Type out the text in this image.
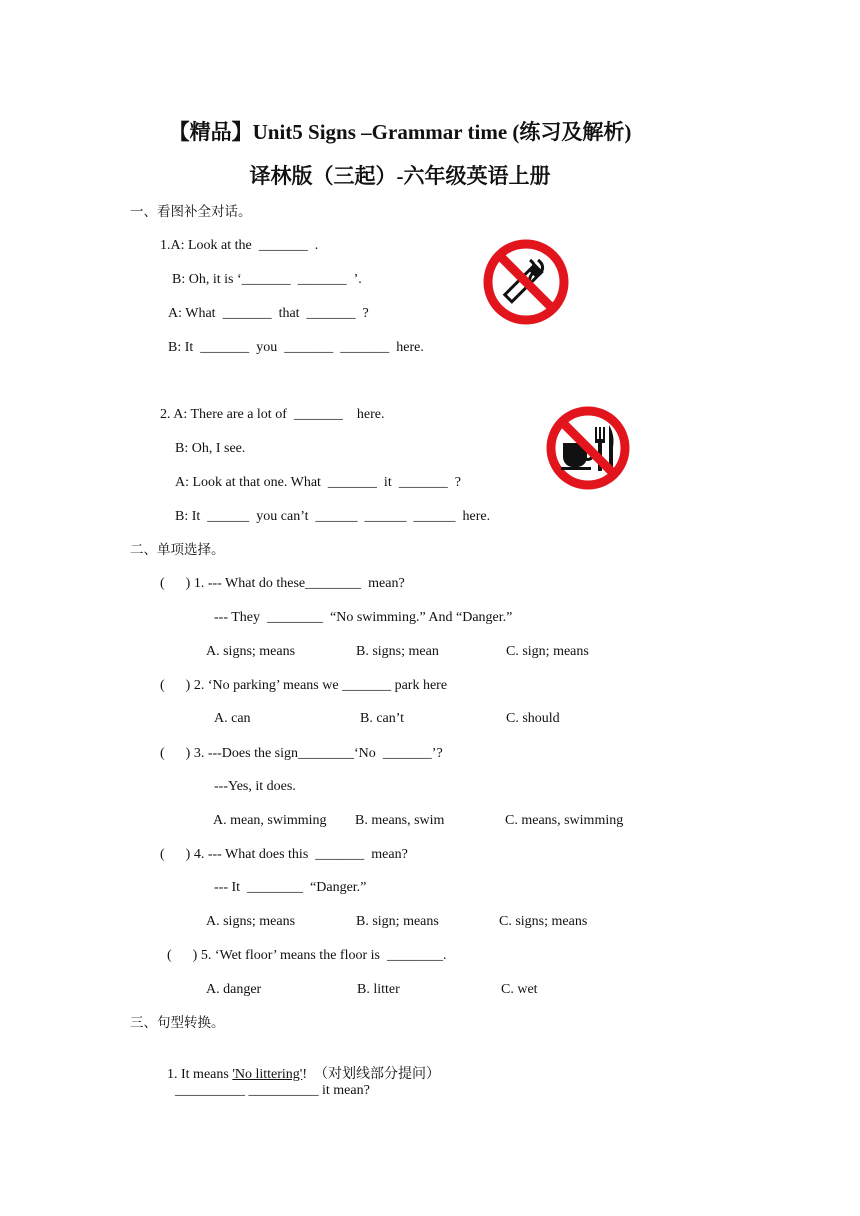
【精品】Unit5 Signs –Grammar time (练习及解析)
译林版（三起）-六年级英语上册
一、看图补全对话。
1.A: Look at the  _______  .
B: Oh, it is ‘_______  _______  ’.
A: What  _______  that  _______  ?
B: It  _______  you  _______  _______  here.
2. A: There are a lot of  _______    here.
B: Oh, I see.
A: Look at that one. What  _______  it  _______  ?
B: It  ______  you can’t  ______  ______  ______  here.
二、单项选择。
(      ) 1. --- What do these________  mean?
--- They  ________  “No swimming.” And “Danger.”
A. signs; means	B. signs; mean	C. sign; means
(      ) 2. ‘No parking’ means we _______ park here
A. can	B. can’t	C. should
(      ) 3. ---Does the sign________‘No  _______’?
---Yes, it does.
A. mean, swimming B. means, swim	C. means, swimming
(      ) 4. --- What does this  _______  mean?
--- It  ________  “Danger.”
A. signs; means	B. sign; means	C. signs; means
(      ) 5. ‘Wet floor’ means the floor is  ________.
A. danger	B. litter	C. wet
三、句型转换。

1. It means 'No littering'!  （对划线部分提问）

__________ __________ it mean?
